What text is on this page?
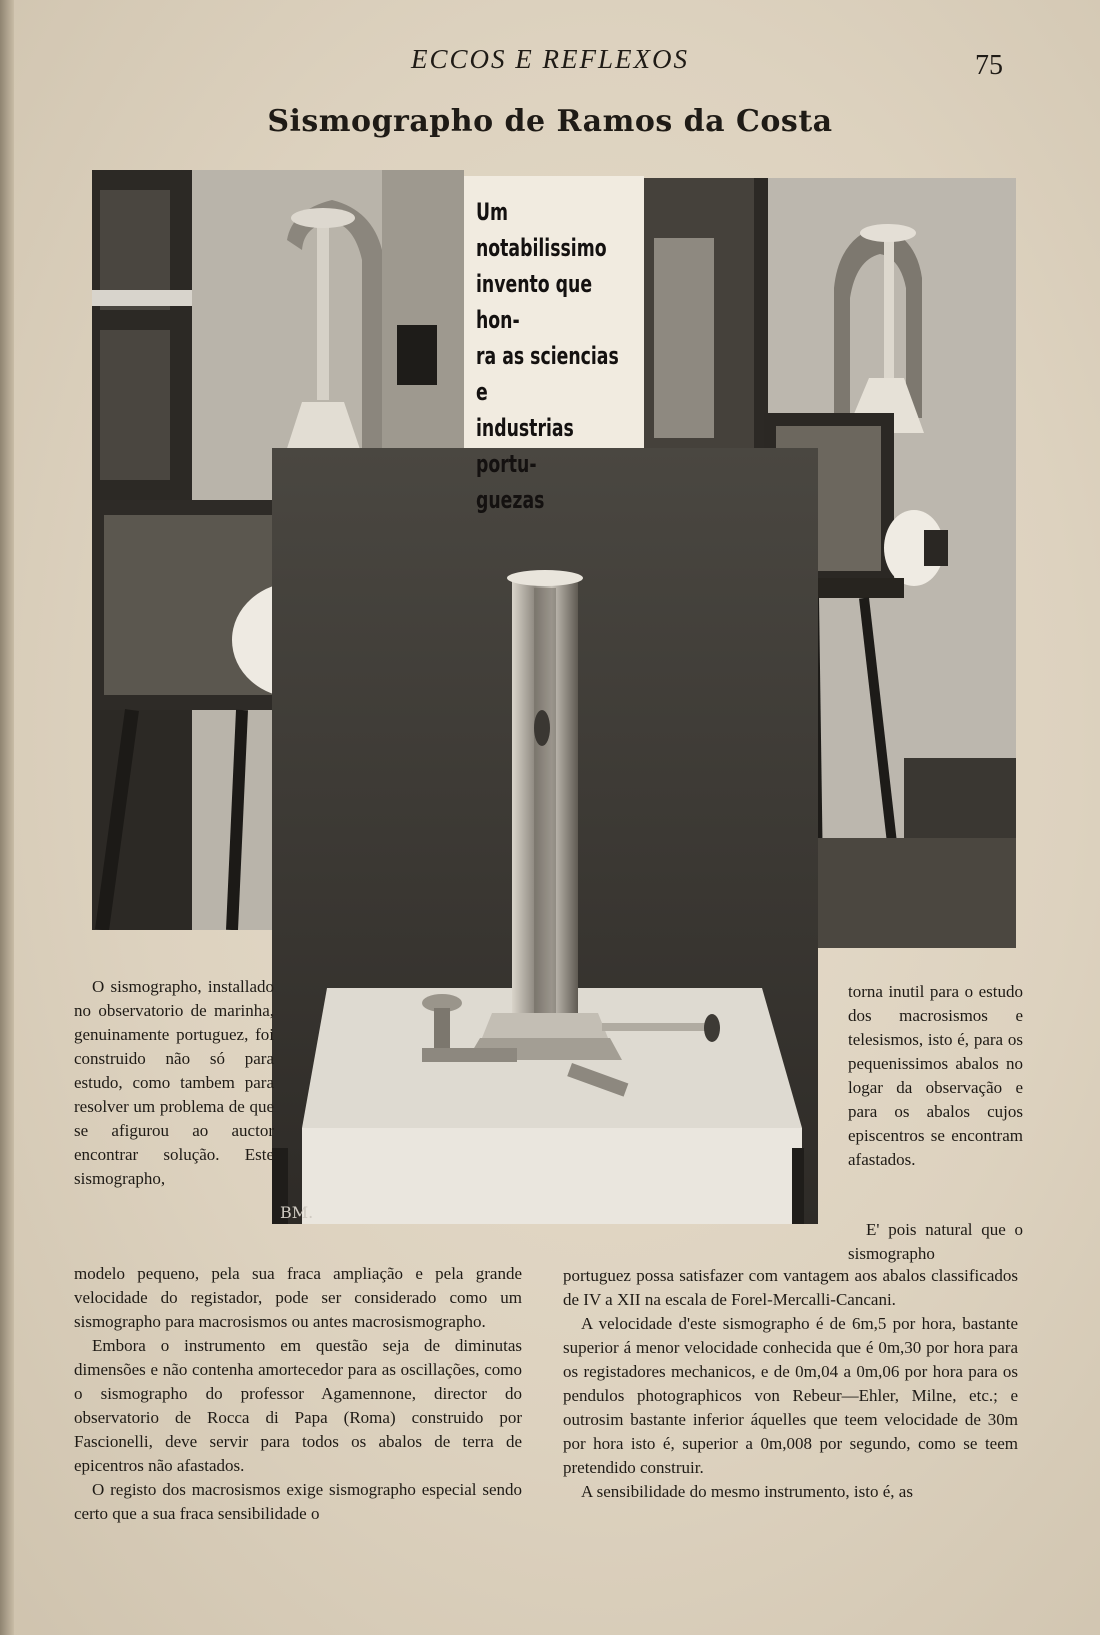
ECCOS E REFLEXOS	75
Sismographo de Ramos da Costa
BM.
Um notabilissimo
invento que hon-
ra as sciencias e
industrias portu-
guezas

O sismographo, installado no observatorio de marinha, genuinamente portuguez, foi construido não só para estudo, como tambem para resolver um problema de que se afigurou ao auctor encontrar solução. Este sismographo,

torna inutil para o estudo dos macrosismos e telesismos, isto é, para os pequenissimos abalos no logar da observação e para os abalos cujos episcentros se encontram afastados.

E' pois natural que o sismographo

modelo pequeno, pela sua fraca ampliação e pela grande velocidade do registador, pode ser considerado como um sismographo para macrosismos ou antes macrosismographo.

Embora o instrumento em questão seja de diminutas dimensões e não contenha amortecedor para as oscillações, como o sismographo do professor Agamennone, director do observatorio de Rocca di Papa (Roma) construido por Fascionelli, deve servir para todos os abalos de terra de epicentros não afastados.

O registo dos macrosismos exige sismographo especial sendo certo que a sua fraca sensibilidade o

portuguez possa satisfazer com vantagem aos abalos classificados de IV a XII na escala de Forel-Mercalli-Cancani.

A velocidade d'este sismographo é de 6m,5 por hora, bastante superior á menor velocidade conhecida que é 0m,30 por hora para os registadores mechanicos, e de 0m,04 a 0m,06 por hora para os pendulos photographicos von Rebeur—Ehler, Milne, etc.; e outrosim bastante inferior áquelles que teem velocidade de 30m por hora isto é, superior a 0m,008 por segundo, como se teem pretendido construir.

A sensibilidade do mesmo instrumento, isto é, as
